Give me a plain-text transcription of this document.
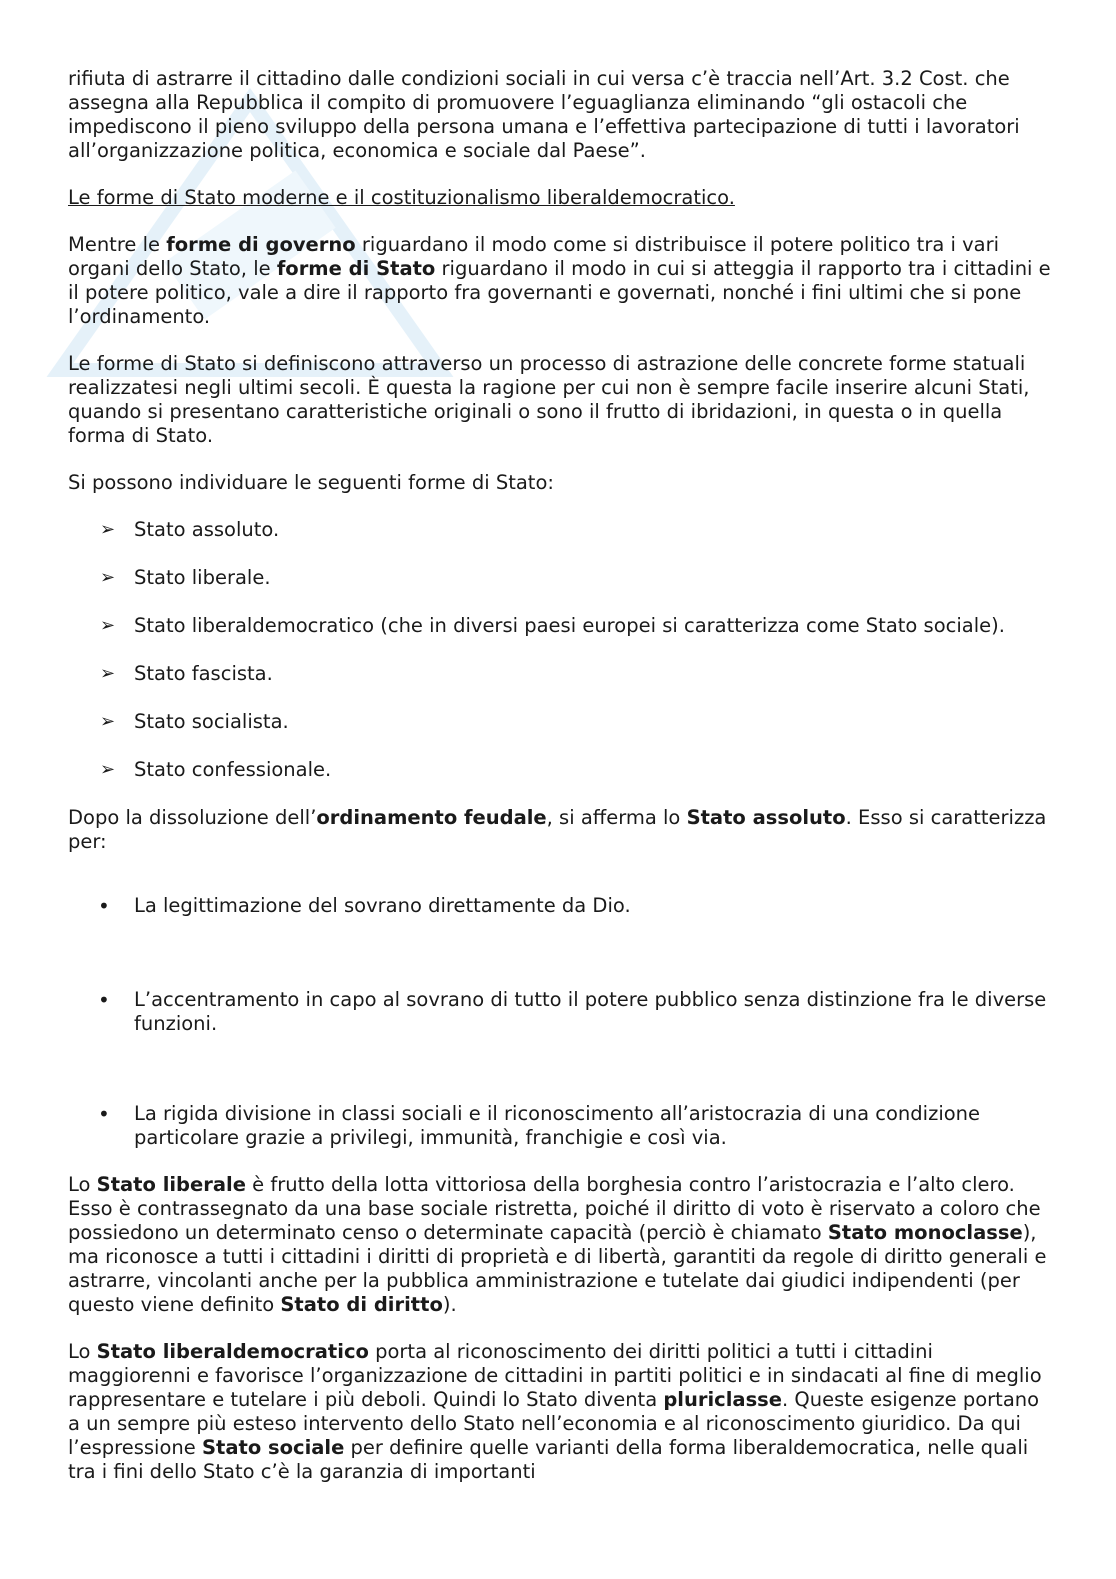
rifiuta di astrarre il cittadino dalle condizioni sociali in cui versa c’è traccia nell’Art. 3.2 Cost. che assegna alla Repubblica il compito di promuovere l’eguaglianza eliminando “gli ostacoli che impediscono il pieno sviluppo della persona umana e l’effettiva partecipazione di tutti i lavoratori all’organizzazione politica, economica e sociale dal Paese”.

Le forme di Stato moderne e il costituzionalismo liberaldemocratico.

Mentre le forme di governo riguardano il modo come si distribuisce il potere politico tra i vari organi dello Stato, le forme di Stato riguardano il modo in cui si atteggia il rapporto tra i cittadini e il potere politico, vale a dire il rapporto fra governanti e governati, nonché i fini ultimi che si pone l’ordinamento.

Le forme di Stato si definiscono attraverso un processo di astrazione delle concrete forme statuali realizzatesi negli ultimi secoli. È questa la ragione per cui non è sempre facile inserire alcuni Stati, quando si presentano caratteristiche originali o sono il frutto di ibridazioni, in questa o in quella forma di Stato.

Si possono individuare le seguenti forme di Stato:

➢ Stato assoluto.
➢ Stato liberale.
➢ Stato liberaldemocratico (che in diversi paesi europei si caratterizza come Stato sociale).
➢ Stato fascista.
➢ Stato socialista.
➢ Stato confessionale.

Dopo la dissoluzione dell’ordinamento feudale, si afferma lo Stato assoluto. Esso si caratterizza per:

• La legittimazione del sovrano direttamente da Dio.
• L’accentramento in capo al sovrano di tutto il potere pubblico senza distinzione fra le diverse funzioni.
• La rigida divisione in classi sociali e il riconoscimento all’aristocrazia di una condizione particolare grazie a privilegi, immunità, franchigie e così via.

Lo Stato liberale è frutto della lotta vittoriosa della borghesia contro l’aristocrazia e l’alto clero. Esso è contrassegnato da una base sociale ristretta, poiché il diritto di voto è riservato a coloro che possiedono un determinato censo o determinate capacità (perciò è chiamato Stato monoclasse), ma riconosce a tutti i cittadini i diritti di proprietà e di libertà, garantiti da regole di diritto generali e astrarre, vincolanti anche per la pubblica amministrazione e tutelate dai giudici indipendenti (per questo viene definito Stato di diritto).

Lo Stato liberaldemocratico porta al riconoscimento dei diritti politici a tutti i cittadini maggiorenni e favorisce l’organizzazione de cittadini in partiti politici e in sindacati al fine di meglio rappresentare e tutelare i più deboli. Quindi lo Stato diventa pluriclasse. Queste esigenze portano a un sempre più esteso intervento dello Stato nell’economia e al riconoscimento giuridico. Da qui l’espressione Stato sociale per definire quelle varianti della forma liberaldemocratica, nelle quali tra i fini dello Stato c’è la garanzia di importanti
